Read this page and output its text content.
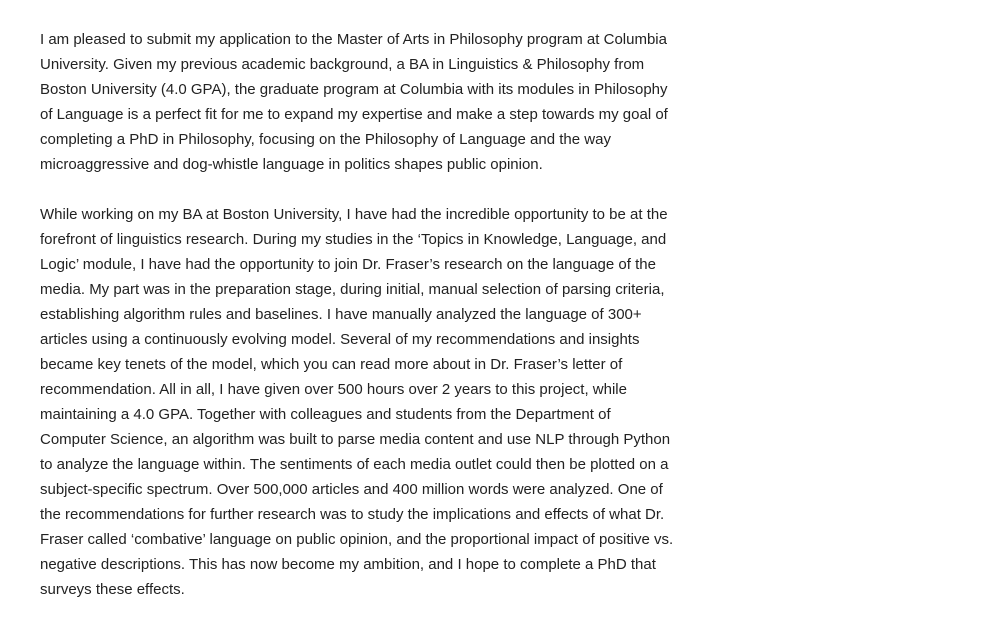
I am pleased to submit my application to the Master of Arts in Philosophy program at Columbia University. Given my previous academic background, a BA in Linguistics & Philosophy from Boston University (4.0 GPA), the graduate program at Columbia with its modules in Philosophy of Language is a perfect fit for me to expand my expertise and make a step towards my goal of completing a PhD in Philosophy, focusing on the Philosophy of Language and the way microaggressive and dog-whistle language in politics shapes public opinion.

While working on my BA at Boston University, I have had the incredible opportunity to be at the forefront of linguistics research. During my studies in the ‘Topics in Knowledge, Language, and Logic’ module, I have had the opportunity to join Dr. Fraser’s research on the language of the media. My part was in the preparation stage, during initial, manual selection of parsing criteria, establishing algorithm rules and baselines. I have manually analyzed the language of 300+ articles using a continuously evolving model. Several of my recommendations and insights became key tenets of the model, which you can read more about in Dr. Fraser’s letter of recommendation. All in all, I have given over 500 hours over 2 years to this project, while maintaining a 4.0 GPA. Together with colleagues and students from the Department of Computer Science, an algorithm was built to parse media content and use NLP through Python to analyze the language within. The sentiments of each media outlet could then be plotted on a subject-specific spectrum. Over 500,000 articles and 400 million words were analyzed. One of the recommendations for further research was to study the implications and effects of what Dr. Fraser called ‘combative’ language on public opinion, and the proportional impact of positive vs. negative descriptions. This has now become my ambition, and I hope to complete a PhD that surveys these effects.
